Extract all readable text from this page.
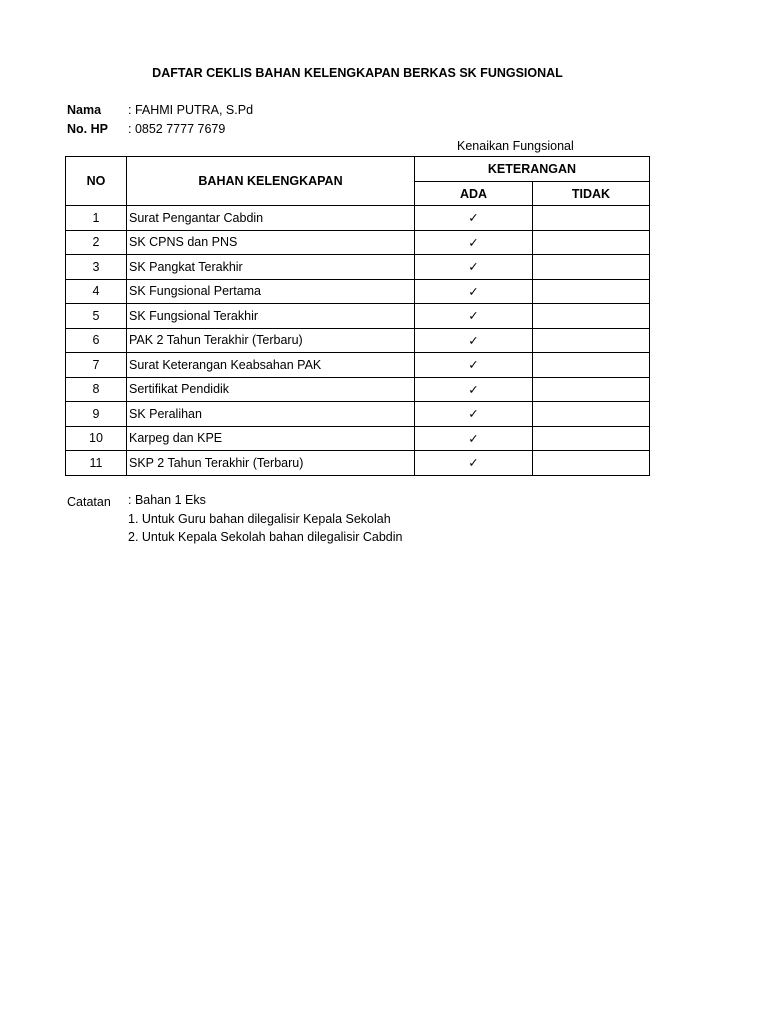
DAFTAR CEKLIS BAHAN KELENGKAPAN BERKAS SK FUNGSIONAL
Nama : FAHMI PUTRA, S.Pd
No. HP : 0852 7777 7679
Kenaikan Fungsional
NO	BAHAN KELENGKAPAN	KETERANGAN	
		ADA	TIDAK
1	Surat Pengantar Cabdin	✓	
2	SK CPNS dan PNS	✓	
3	SK Pangkat Terakhir	✓	
4	SK Fungsional Pertama	✓	
5	SK Fungsional Terakhir	✓	
6	PAK 2 Tahun Terakhir (Terbaru)	✓	
7	Surat Keterangan Keabsahan PAK	✓	
8	Sertifikat Pendidik	✓	
9	SK Peralihan	✓	
10	Karpeg dan KPE	✓	
11	SKP 2 Tahun Terakhir (Terbaru)	✓	
Catatan : Bahan 1 Eks
1. Untuk Guru bahan dilegalisir Kepala Sekolah
2. Untuk Kepala Sekolah bahan dilegalisir Cabdin
